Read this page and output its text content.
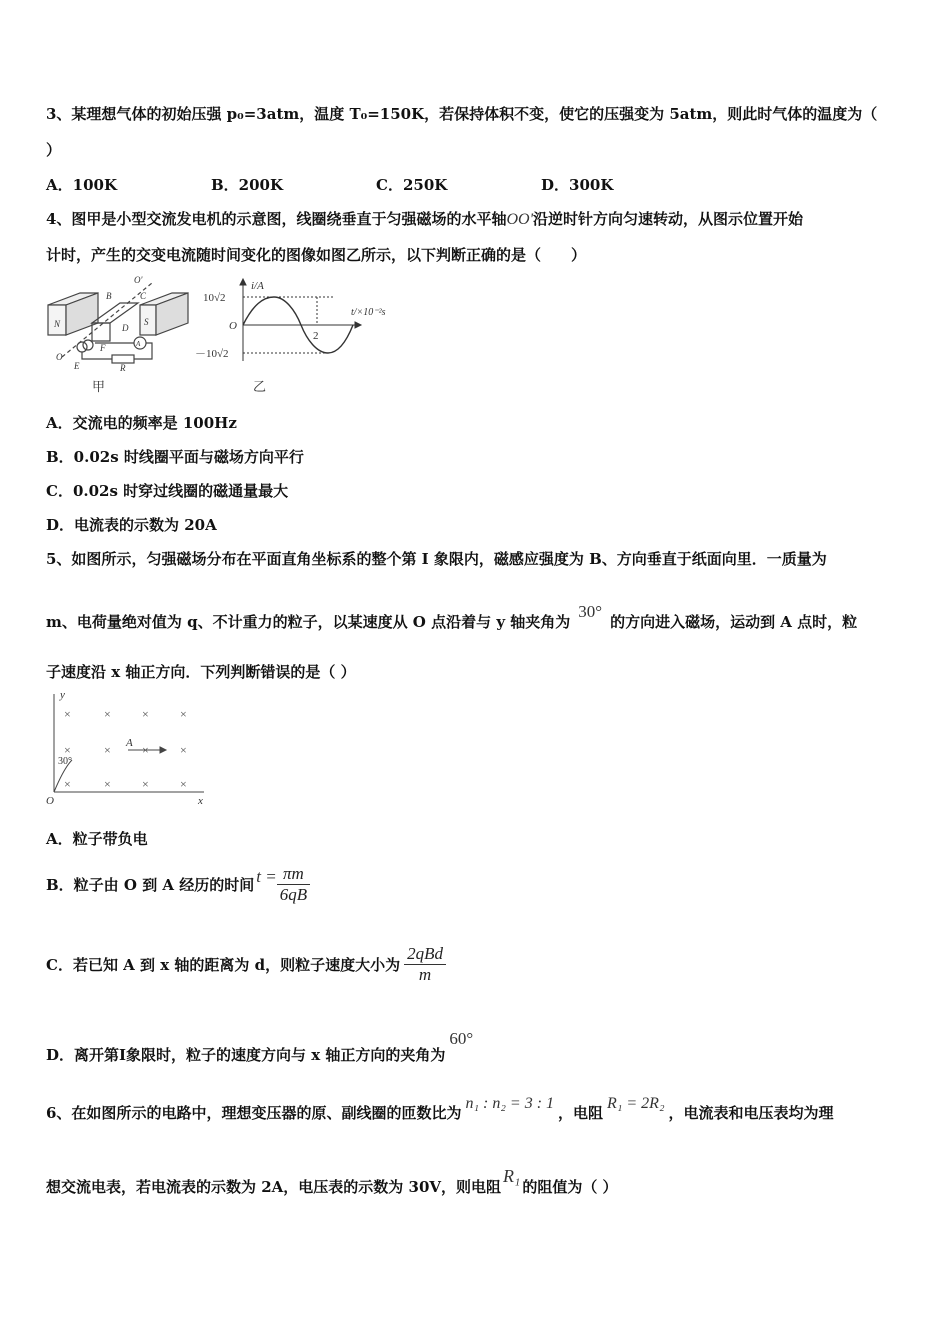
3、某理想气体的初始压强 p₀=3atm，温度 T₀=150K，若保持体积不变，使它的压强变为 5atm，则此时气体的温度为（
）
A．100K	B．200K	C．250K	D．300K
4、图甲是小型交流发电机的示意图，线圈绕垂直于匀强磁场的水平轴OO'沿逆时针方向匀速转动，从图示位置开始
计时，产生的交变电流随时间变化的图像如图乙所示，以下判断正确的是（　　）
N	S
O'
B	C
D
O
E
F	A
R
甲
i/A
10√2
O
－10√2
2
t/×10⁻²s
乙
A．交流电的频率是 100Hz
B．0.02s 时线圈平面与磁场方向平行
C．0.02s 时穿过线圈的磁通量最大
D．电流表的示数为 20A
5、如图所示，匀强磁场分布在平面直角坐标系的整个第 I 象限内，磁感应强度为 B、方向垂直于纸面向里．一质量为
m、电荷量绝对值为 q、不计重力的粒子，以某速度从 O 点沿着与 y 轴夹角为30°的方向进入磁场，运动到 A 点时，粒
子速度沿 x 轴正方向．下列判断错误的是（ ）
×	×	×	×
×	×	×	×
×	×	×	×
y
x
O
A
30°
A．粒子带负电
B．粒子由 O 到 A 经历的时间 $t = \frac{\pi m}{6qB}$
C．若已知 A 到 x 轴的距离为 d，则粒子速度大小为 $\frac{\text{2qBd}}{m}$
D．离开第Ⅰ象限时，粒子的速度方向与 x 轴正方向的夹角为60°
6、在如图所示的电路中，理想变压器的原、副线圈的匝数比为n₁ : n₂ = 3 : 1，电阻R₁ = 2R₂，电流表和电压表均为理
想交流电表，若电流表的示数为 2A，电压表的示数为 30V，则电阻R₁的阻值为（ ）
